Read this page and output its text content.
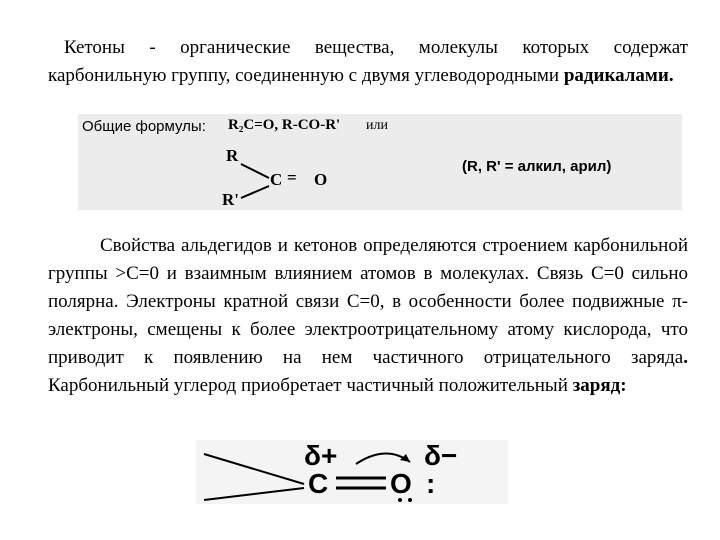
Кетоны - органические вещества, молекулы которых содержат карбонильную группу, соединенную с двумя углеводородными радикалами.

Общие формулы: R₂C=O, R-CO-R' или
R
C = O
R'
(R, R' = алкил, арил)

Свойства альдегидов и кетонов определяются строением карбонильной группы >C=0 и взаимным влиянием атомов в молекулах. Связь С=0 сильно полярна. Электроны кратной связи С=0, в особенности более подвижные π-электроны, смещены к более электроотрицательному атому кислорода, что приводит к появлению на нем частичного отрицательного заряда. Карбонильный углерод приобретает частичный положительный заряд:

δ+	δ−
C O :
